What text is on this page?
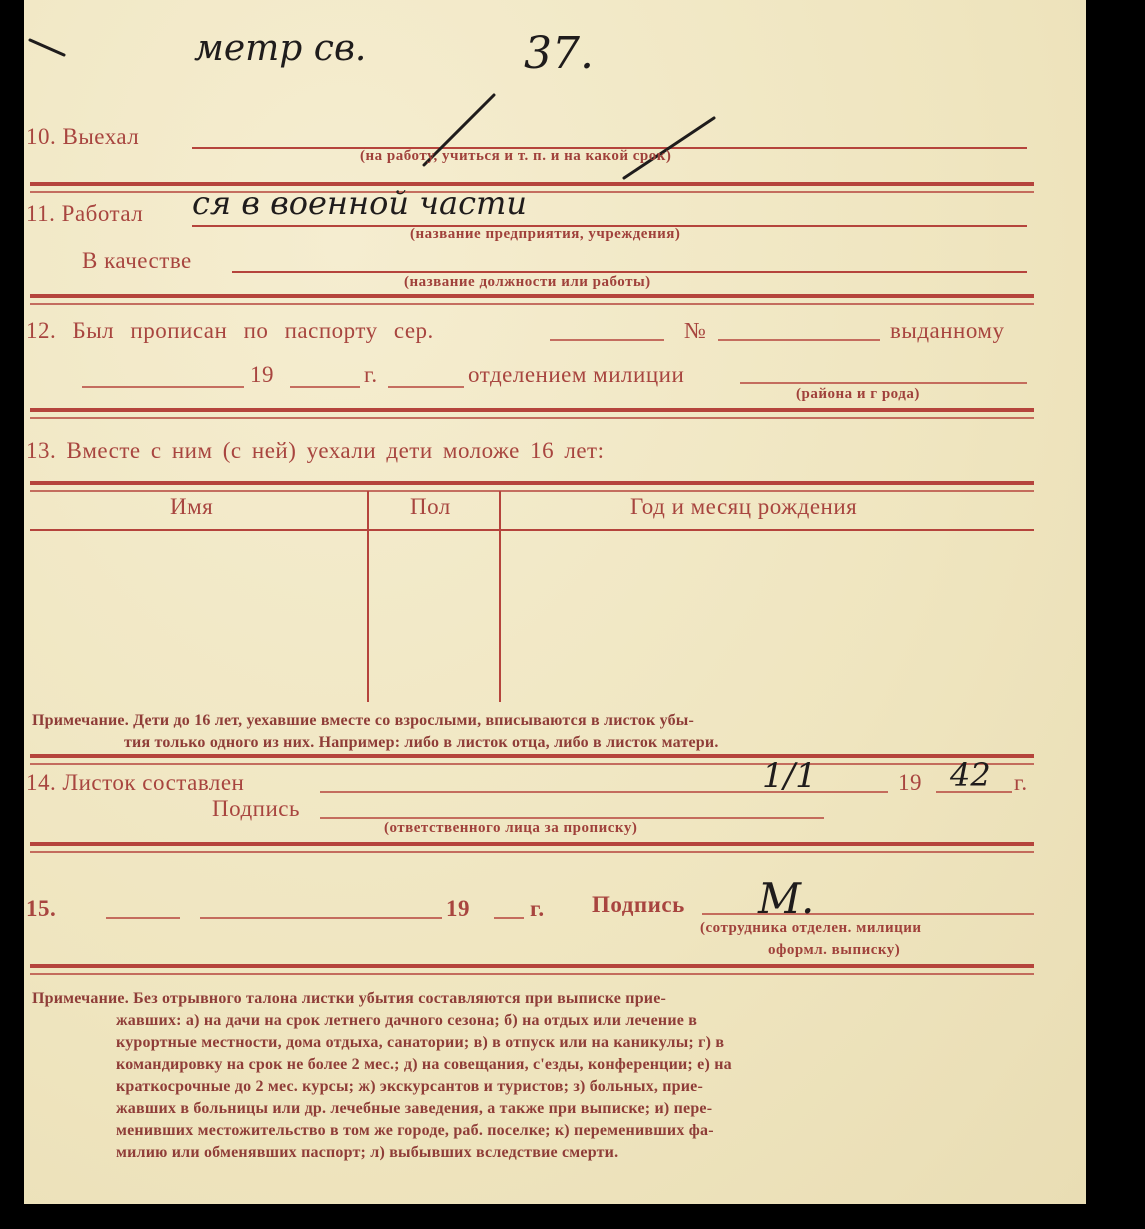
метр св.	37.
ся в военной части
1/1	42
М.
10. Выехал
(на работу, учиться и т. п. и на какой срок)
11. Работал
(название предприятия, учреждения)
В качестве
(название должности или работы)
12. Был прописан по паспорту сер.	№	выданному
19	г.	отделением милиции
(района и г рода)
13. Вместе с ним (с ней) уехали дети моложе 16 лет:
Имя	Пол	Год и месяц рождения
Примечание. Дети до 16 лет, уехавшие вместе со взрослыми, вписываются в листок убы-
тия только одного из них. Например: либо в листок отца, либо в листок матери.
14. Листок составлен	19	г.
Подпись
(ответственного лица за прописку)
15.	19	г. Подпись
(сотрудника отделен. милиции
оформл. выписку)
Примечание. Без отрывного талона листки убытия составляются при выписке прие-
жавших: а) на дачи на срок летнего дачного сезона; б) на отдых или лечение в
курортные местности, дома отдыха, санатории; в) в отпуск или на каникулы; г) в
командировку на срок не более 2 мес.; д) на совещания, с'езды, конференции; е) на
краткосрочные до 2 мес. курсы; ж) экскурсантов и туристов; з) больных, прие-
жавших в больницы или др. лечебные заведения, а также при выписке; и) пере-
менивших местожительство в том же городе, раб. поселке; к) переменивших фа-
милию или обменявших паспорт; л) выбывших вследствие смерти.
